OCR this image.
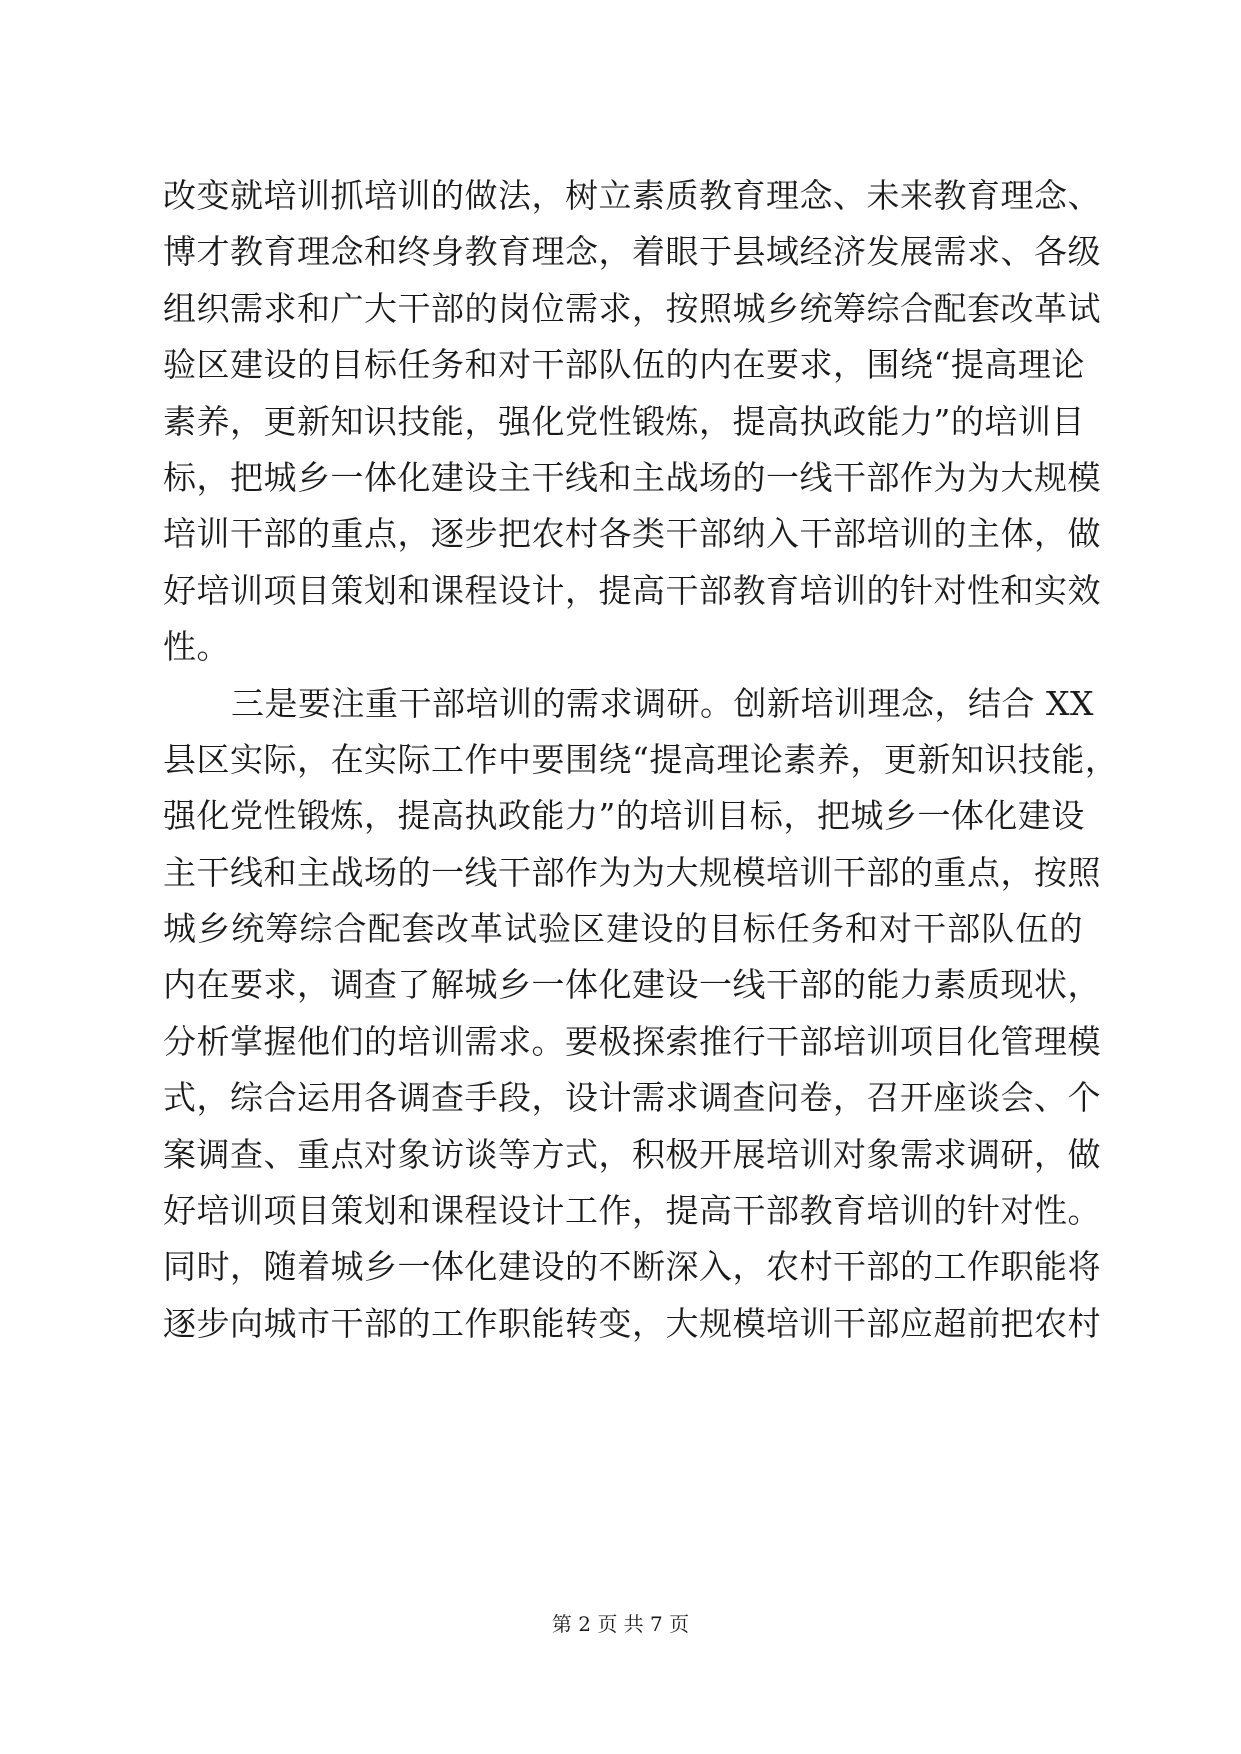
改变就培训抓培训的做法，树立素质教育理念、未来教育理念、
博才教育理念和终身教育理念，着眼于县域经济发展需求、各级
组织需求和广大干部的岗位需求，按照城乡统筹综合配套改革试
验区建设的目标任务和对干部队伍的内在要求，围绕“提高理论
素养，更新知识技能，强化党性锻炼，提高执政能力”的培训目
标，把城乡一体化建设主干线和主战场的一线干部作为为大规模
培训干部的重点，逐步把农村各类干部纳入干部培训的主体，做
好培训项目策划和课程设计，提高干部教育培训的针对性和实效
性。
三是要注重干部培训的需求调研。创新培训理念，结合 XX
县区实际，在实际工作中要围绕“提高理论素养，更新知识技能，
强化党性锻炼，提高执政能力”的培训目标，把城乡一体化建设
主干线和主战场的一线干部作为为大规模培训干部的重点，按照
城乡统筹综合配套改革试验区建设的目标任务和对干部队伍的
内在要求，调查了解城乡一体化建设一线干部的能力素质现状，
分析掌握他们的培训需求。要极探索推行干部培训项目化管理模
式，综合运用各调查手段，设计需求调查问卷，召开座谈会、个
案调查、重点对象访谈等方式，积极开展培训对象需求调研，做
好培训项目策划和课程设计工作，提高干部教育培训的针对性。
同时，随着城乡一体化建设的不断深入，农村干部的工作职能将
逐步向城市干部的工作职能转变，大规模培训干部应超前把农村
第 2 页 共 7 页
